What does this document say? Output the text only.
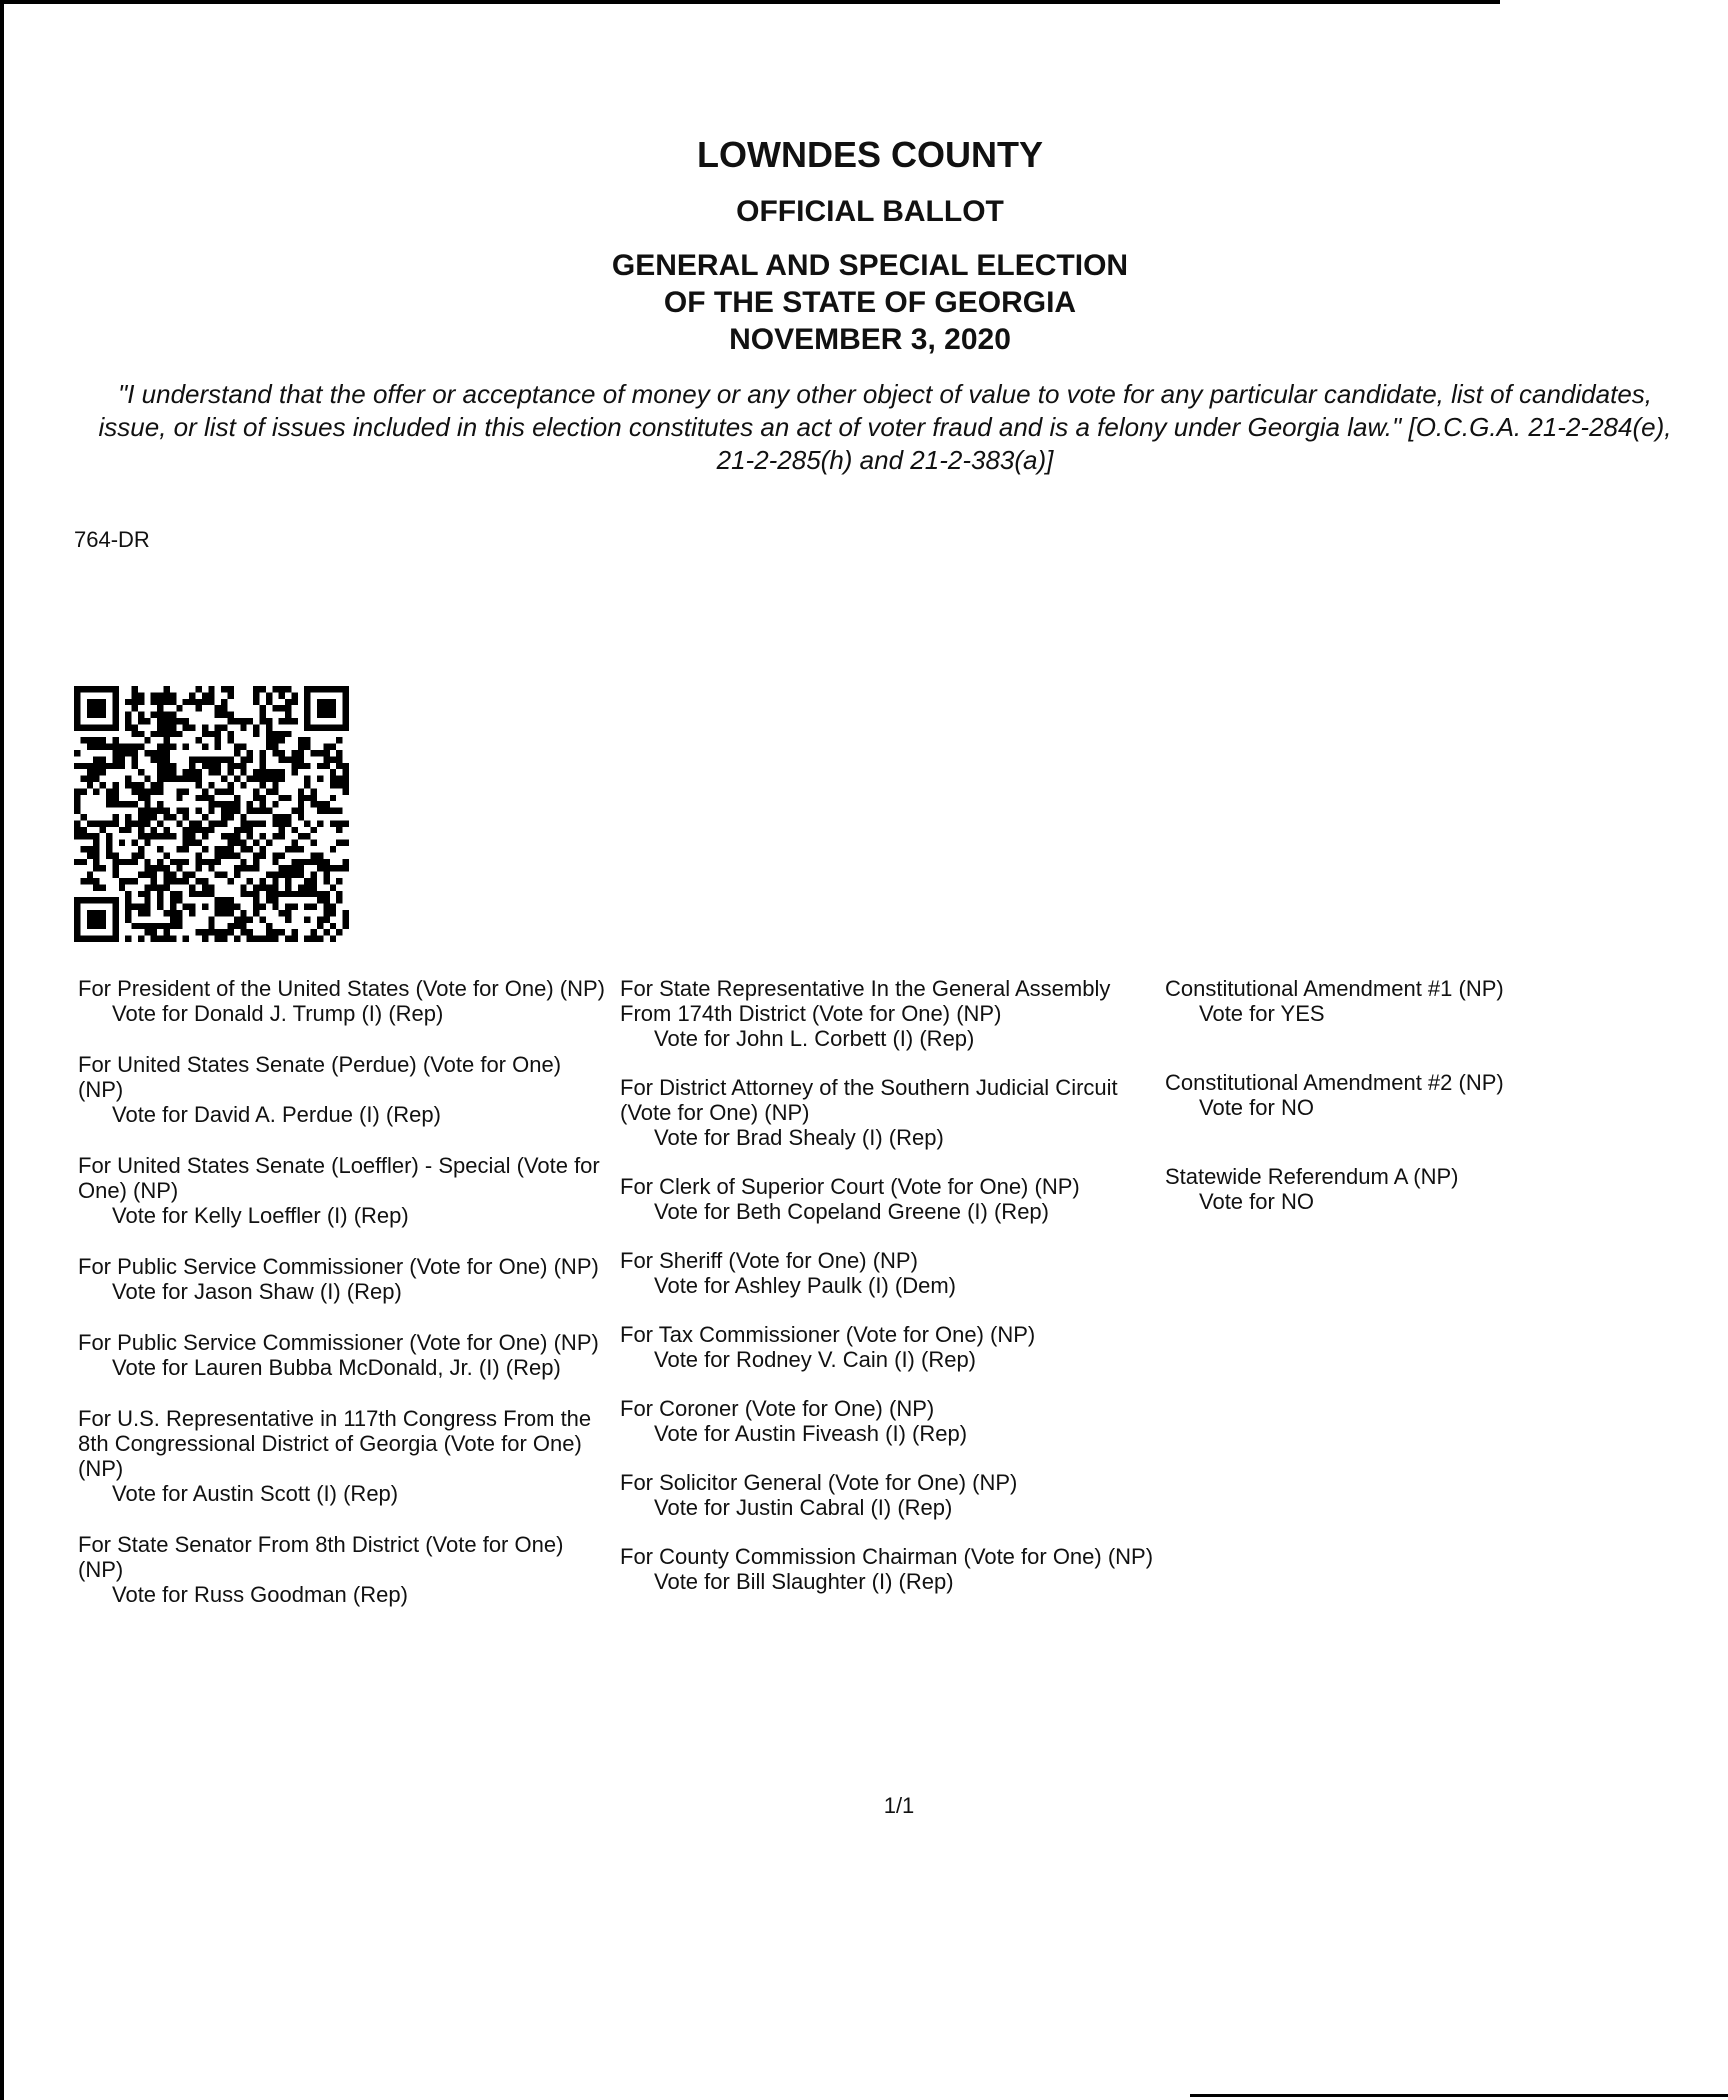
LOWNDES COUNTY
OFFICIAL BALLOT
GENERAL AND SPECIAL ELECTION
OF THE STATE OF GEORGIA
NOVEMBER 3, 2020
"I understand that the offer or acceptance of money or any other object of value to vote for any particular candidate, list of candidates, issue, or list of issues included in this election constitutes an act of voter fraud and is a felony under Georgia law." [O.C.G.A. 21-2-284(e), 21-2-285(h) and 21-2-383(a)]
764-DR
For President of the United States (Vote for One) (NP)
Vote for Donald J. Trump (I) (Rep)
For United States Senate (Perdue) (Vote for One) (NP)
Vote for David A. Perdue (I) (Rep)
For United States Senate (Loeffler) - Special (Vote for One) (NP)
Vote for Kelly Loeffler (I) (Rep)
For Public Service Commissioner (Vote for One) (NP)
Vote for Jason Shaw (I) (Rep)
For Public Service Commissioner (Vote for One) (NP)
Vote for Lauren Bubba McDonald, Jr. (I) (Rep)
For U.S. Representative in 117th Congress From the 8th Congressional District of Georgia (Vote for One) (NP)
Vote for Austin Scott (I) (Rep)
For State Senator From 8th District (Vote for One) (NP)
Vote for Russ Goodman (Rep)
For State Representative In the General Assembly From 174th District (Vote for One) (NP)
Vote for John L. Corbett (I) (Rep)
For District Attorney of the Southern Judicial Circuit (Vote for One) (NP)
Vote for Brad Shealy (I) (Rep)
For Clerk of Superior Court (Vote for One) (NP)
Vote for Beth Copeland Greene (I) (Rep)
For Sheriff (Vote for One) (NP)
Vote for Ashley Paulk (I) (Dem)
For Tax Commissioner (Vote for One) (NP)
Vote for Rodney V. Cain (I) (Rep)
For Coroner (Vote for One) (NP)
Vote for Austin Fiveash (I) (Rep)
For Solicitor General (Vote for One) (NP)
Vote for Justin Cabral (I) (Rep)
For County Commission Chairman (Vote for One) (NP)
Vote for Bill Slaughter (I) (Rep)
Constitutional Amendment #1 (NP)
Vote for YES
Constitutional Amendment #2 (NP)
Vote for NO
Statewide Referendum A (NP)
Vote for NO
1/1
